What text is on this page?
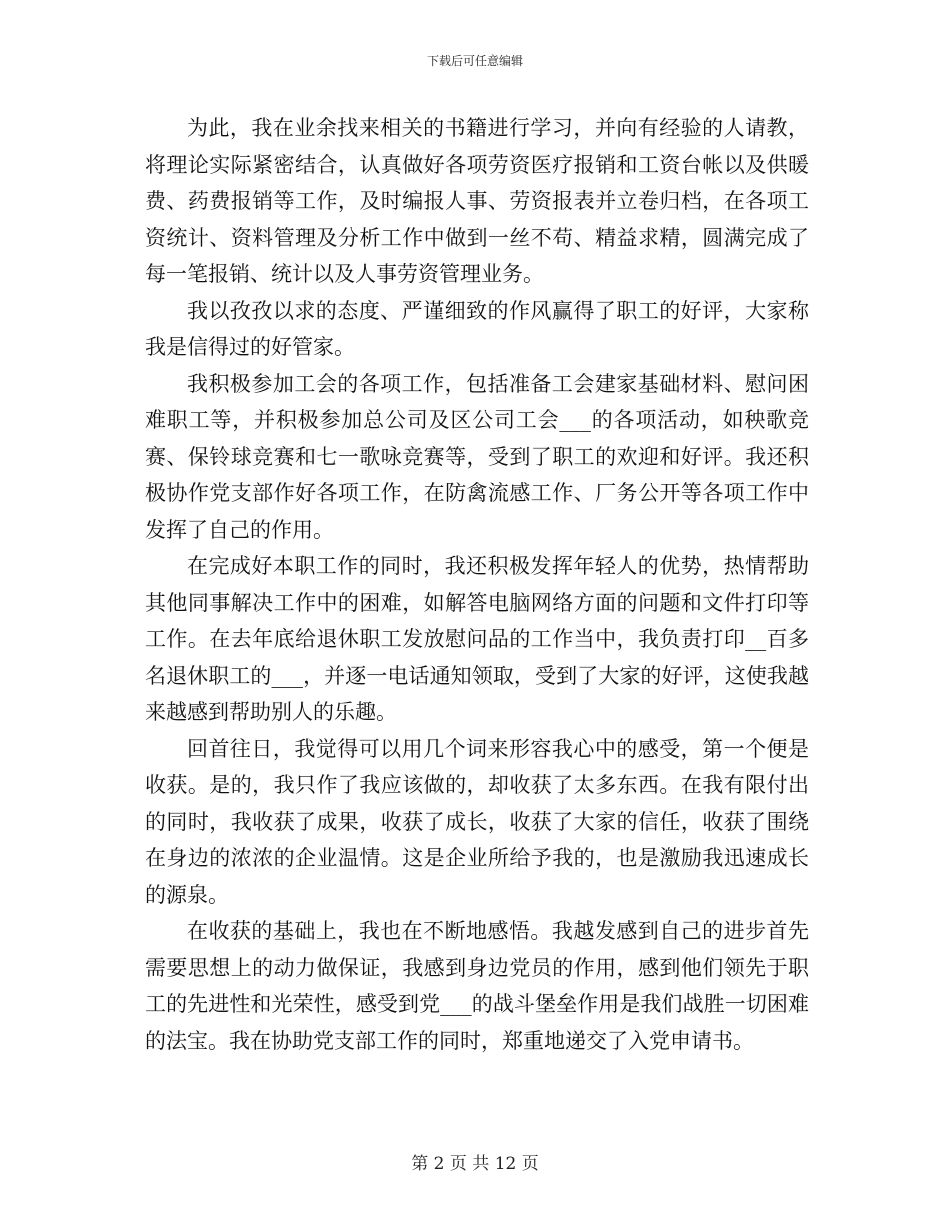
下载后可任意编辑

为此，我在业余找来相关的书籍进行学习，并向有经验的人请教，将理论实际紧密结合，认真做好各项劳资医疗报销和工资台帐以及供暖费、药费报销等工作，及时编报人事、劳资报表并立卷归档，在各项工资统计、资料管理及分析工作中做到一丝不苟、精益求精，圆满完成了每一笔报销、统计以及人事劳资管理业务。

我以孜孜以求的态度、严谨细致的作风赢得了职工的好评，大家称我是信得过的好管家。

我积极参加工会的各项工作，包括准备工会建家基础材料、慰问困难职工等，并积极参加总公司及区公司工会___的各项活动，如秧歌竞赛、保铃球竞赛和七一歌咏竞赛等，受到了职工的欢迎和好评。我还积极协作党支部作好各项工作，在防禽流感工作、厂务公开等各项工作中发挥了自己的作用。

在完成好本职工作的同时，我还积极发挥年轻人的优势，热情帮助其他同事解决工作中的困难，如解答电脑网络方面的问题和文件打印等工作。在去年底给退休职工发放慰问品的工作当中，我负责打印__百多名退休职工的___，并逐一电话通知领取，受到了大家的好评，这使我越来越感到帮助别人的乐趣。

回首往日，我觉得可以用几个词来形容我心中的感受，第一个便是收获。是的，我只作了我应该做的，却收获了太多东西。在我有限付出的同时，我收获了成果，收获了成长，收获了大家的信任，收获了围绕在身边的浓浓的企业温情。这是企业所给予我的，也是激励我迅速成长的源泉。

在收获的基础上，我也在不断地感悟。我越发感到自己的进步首先需要思想上的动力做保证，我感到身边党员的作用，感到他们领先于职工的先进性和光荣性，感受到党___的战斗堡垒作用是我们战胜一切困难的法宝。我在协助党支部工作的同时，郑重地递交了入党申请书。

第 2 页 共 12 页
